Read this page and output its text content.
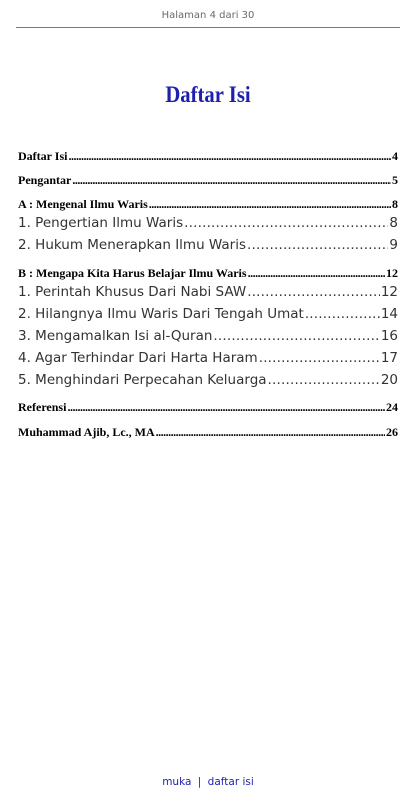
Halaman 4 dari 30
Daftar Isi
Daftar Isi .....	4
Pengantar .....	5
A : Mengenal Ilmu Waris .....	8
1. Pengertian Ilmu Waris .....	8
2. Hukum Menerapkan Ilmu Waris .....	9
B : Mengapa Kita Harus Belajar Ilmu Waris .....	12
1. Perintah Khusus Dari Nabi SAW .....	12
2. Hilangnya Ilmu Waris Dari Tengah Umat .....	14
3. Mengamalkan Isi al-Quran .....	16
4. Agar Terhindar Dari Harta Haram .....	17
5. Menghindari Perpecahan Keluarga .....	20
Referensi .....	24
Muhammad Ajib, Lc., MA .....	26
muka | daftar isi
